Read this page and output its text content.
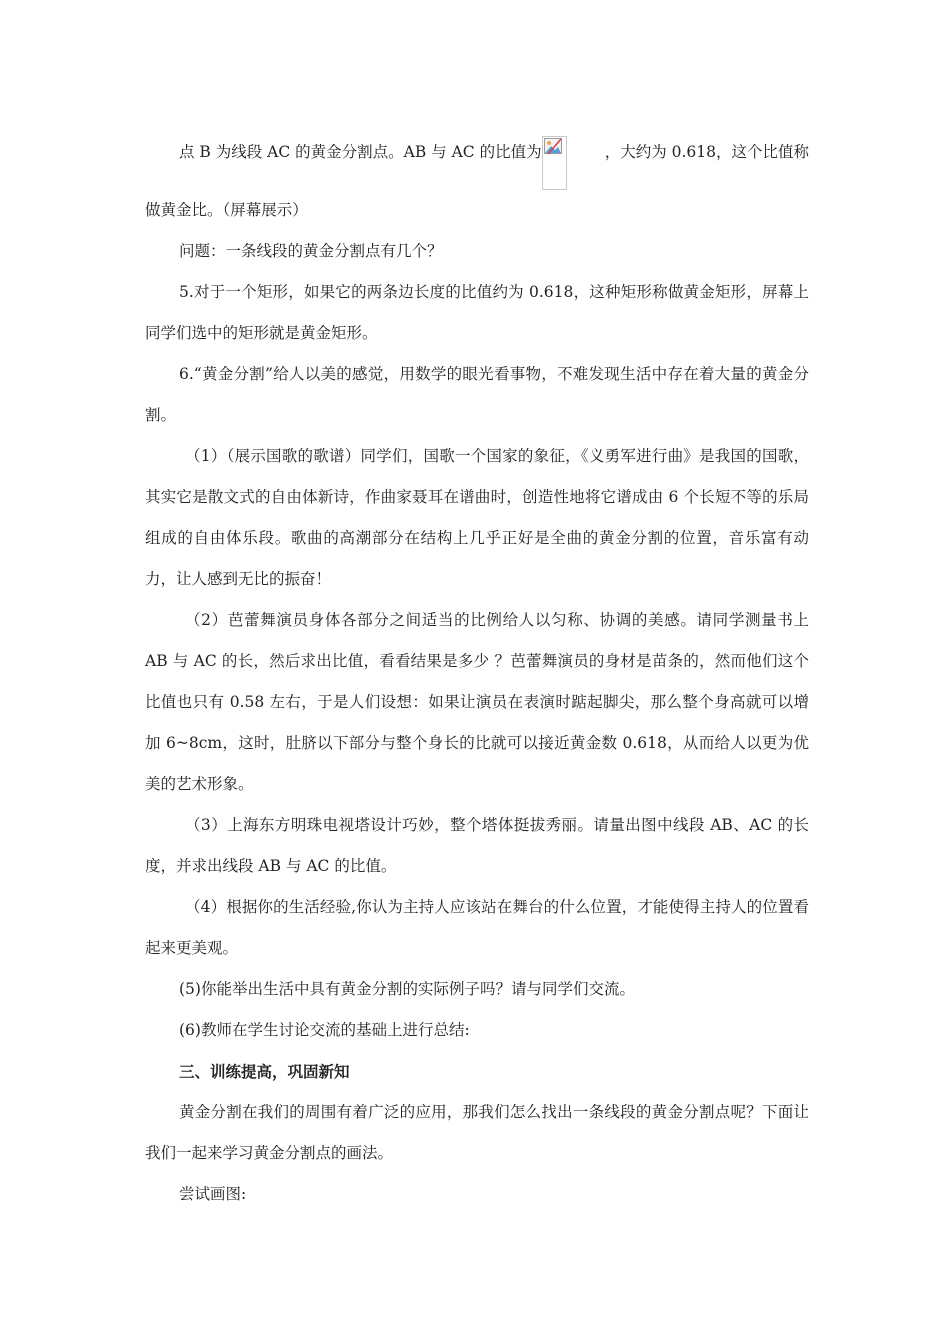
点 B 为线段 AC 的黄金分割点。AB 与 AC 的比值为	，大约为 0.618，这个比值称

做黄金比。（屏幕展示）

问题：一条线段的黄金分割点有几个？

5.对于一个矩形，如果它的两条边长度的比值约为 0.618，这种矩形称做黄金矩形，屏幕上同学们选中的矩形就是黄金矩形。

6.“黄金分割”给人以美的感觉，用数学的眼光看事物，不难发现生活中存在着大量的黄金分割。

（1）（展示国歌的歌谱）同学们，国歌一个国家的象征，《义勇军进行曲》是我国的国歌，其实它是散文式的自由体新诗，作曲家聂耳在谱曲时，创造性地将它谱成由 6 个长短不等的乐局组成的自由体乐段。歌曲的高潮部分在结构上几乎正好是全曲的黄金分割的位置，音乐富有动力，让人感到无比的振奋！

（2）芭蕾舞演员身体各部分之间适当的比例给人以匀称、协调的美感。请同学测量书上 AB 与 AC 的长，然后求出比值，看看结果是多少 ？芭蕾舞演员的身材是苗条的，然而他们这个比值也只有 0.58 左右，于是人们设想：如果让演员在表演时踮起脚尖，那么整个身高就可以增加 6~8cm，这时，肚脐以下部分与整个身长的比就可以接近黄金数 0.618，从而给人以更为优美的艺术形象。

（3）上海东方明珠电视塔设计巧妙，整个塔体挺拔秀丽。请量出图中线段 AB、AC 的长度，并求出线段 AB 与 AC 的比值。

（4）根据你的生活经验,你认为主持人应该站在舞台的什么位置，才能使得主持人的位置看起来更美观。

(5)你能举出生活中具有黄金分割的实际例子吗？请与同学们交流。

(6)教师在学生讨论交流的基础上进行总结:

三、训练提高，巩固新知

黄金分割在我们的周围有着广泛的应用，那我们怎么找出一条线段的黄金分割点呢？下面让我们一起来学习黄金分割点的画法。

尝试画图:
